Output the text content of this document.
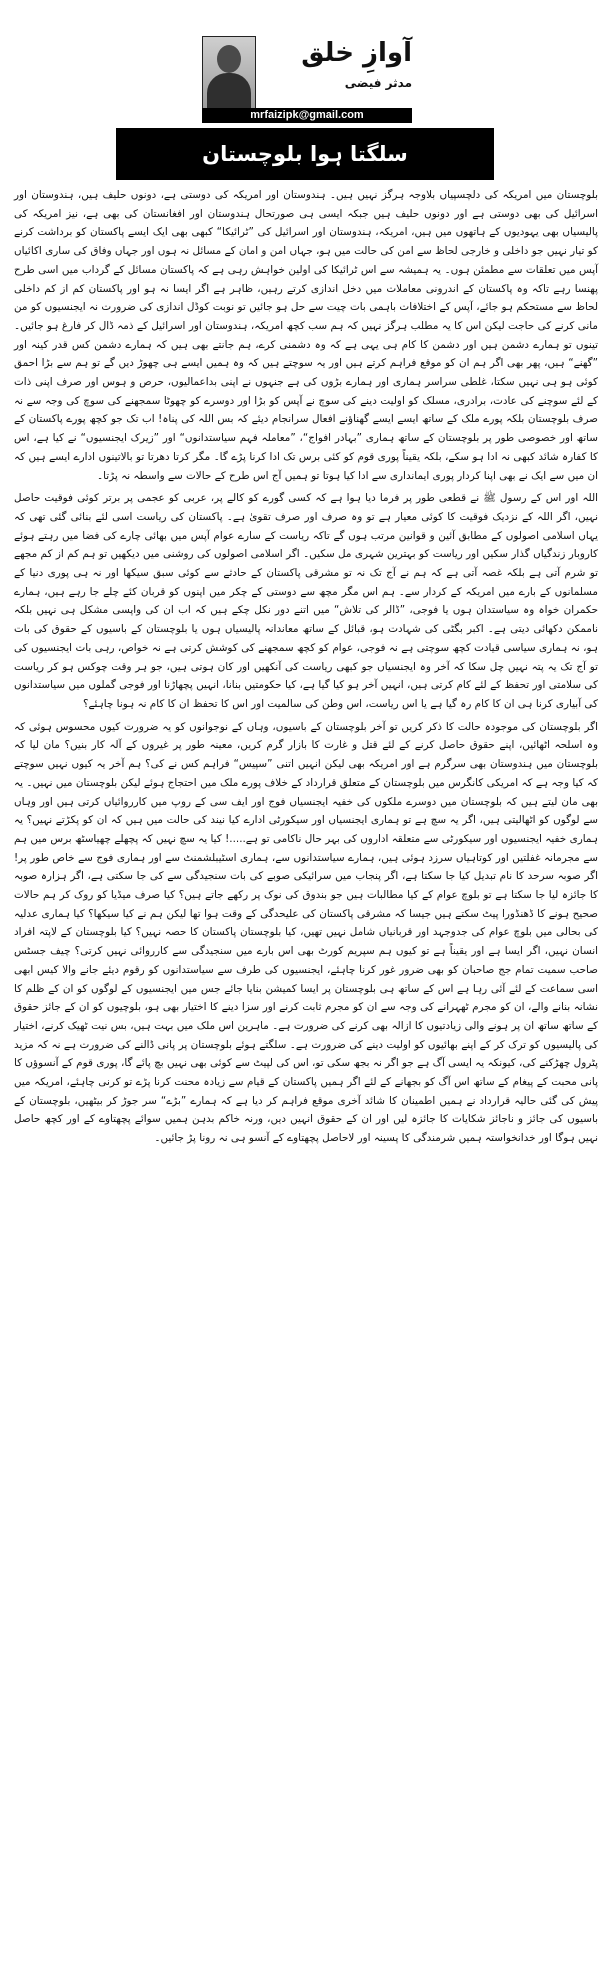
آوازِ خلق
مدثر فیضی
mrfaizipk@gmail.com
سلگتا ہوا بلوچستان

بلوچستان میں امریکہ کی دلچسپیاں بلاوجہ ہرگز نہیں ہیں۔ ہندوستان اور امریکہ کی دوستی ہے، دونوں حلیف ہیں، ہندوستان اور اسرائیل کی بھی دوستی ہے اور دونوں حلیف ہیں جبکہ ایسی ہی صورتحال ہندوستان اور افغانستان کی بھی ہے، نیز امریکہ کی پالیسیاں بھی یہودیوں کے ہاتھوں میں ہیں، امریکہ، ہندوستان اور اسرائیل کی ”ٹرائیکا“ کبھی بھی ایک ایسے پاکستان کو برداشت کرنے کو تیار نہیں جو داخلی و خارجی لحاظ سے امن کی حالت میں ہو، جہاں امن و امان کے مسائل نہ ہوں اور جہاں وفاق کی ساری اکائیاں آپس میں تعلقات سے مطمئن ہوں۔ یہ ہمیشہ سے اس ٹرائیکا کی اولین خواہش رہی ہے کہ پاکستان مسائل کے گرداب میں اسی طرح پھنسا رہے تاکہ وہ پاکستان کے اندرونی معاملات میں دخل اندازی کرتے رہیں، ظاہر ہے اگر ایسا نہ ہو اور پاکستان کم از کم داخلی لحاظ سے مستحکم ہو جائے، آپس کے اختلافات باہمی بات چیت سے حل ہو جائیں تو نوبت کوڈل اندازی کی ضرورت نہ ایجنسیوں کو من مانی کرنے کی حاجت لیکن اس کا یہ مطلب ہرگز نہیں کہ ہم سب کچھ امریکہ، ہندوستان اور اسرائیل کے ذمہ ڈال کر فارغ ہو جائیں۔ تینوں تو ہمارے دشمن ہیں اور دشمن کا کام ہی یہی ہے کہ وہ دشمنی کرے، ہم جانتے بھی ہیں کہ ہمارے دشمن کس قدر کینہ اور ”گھنے“ ہیں، پھر بھی اگر ہم ان کو موقع فراہم کرتے ہیں اور یہ سوچتے ہیں کہ وہ ہمیں ایسے ہی چھوڑ دیں گے تو ہم سے بڑا احمق کوئی ہو ہی نہیں سکتا، غلطی سراسر ہماری اور ہمارے بڑوں کی ہے جنہوں نے اپنی بداعمالیوں، حرص و ہوس اور صرف اپنی ذات کے لئے سوچنے کی عادت، برادری، مسلک کو اولیت دینے کی سوچ نے آپس کو بڑا اور دوسرے کو چھوٹا سمجھنے کی سوچ کی وجہ سے نہ صرف بلوچستان بلکہ پورے ملک کے ساتھ ایسے ایسے گھناؤنے افعال سرانجام دیئے کہ بس اللہ کی پناہ! اب تک جو کچھ پورے پاکستان کے ساتھ اور خصوصی طور پر بلوچستان کے ساتھ ہماری ”بہادر افواج“، ”معاملہ فہم سیاستدانوں“ اور ”زیرک ایجنسیوں“ نے کیا ہے، اس کا کفارہ شائد کبھی نہ ادا ہو سکے، بلکہ یقیناً پوری قوم کو کئی برس تک ادا کرنا پڑے گا۔ مگر کرتا دھرتا تو بالاتینوں ادارے ایسے ہیں کہ ان میں سے ایک نے بھی اپنا کردار پوری ایمانداری سے ادا کیا ہوتا تو ہمیں آج اس طرح کے حالات سے واسطہ نہ پڑتا۔

اللہ اور اس کے رسول ﷺ نے قطعی طور پر فرما دیا ہوا ہے کہ کسی گورے کو کالے پر، عربی کو عجمی پر برتر کوئی فوقیت حاصل نہیں، اگر اللہ کے نزدیک فوقیت کا کوئی معیار ہے تو وہ صرف اور صرف تقویٰ ہے۔ پاکستان کی ریاست اسی لئے بنائی گئی تھی کہ یہاں اسلامی اصولوں کے مطابق آئین و قوانین مرتب ہوں گے تاکہ ریاست کے سارے عوام آپس میں بھائی چارے کی فضا میں رہتے ہوئے کاروبار زندگیاں گذار سکیں اور ریاست کو بہترین شہری مل سکیں۔ اگر اسلامی اصولوں کی روشنی میں دیکھیں تو ہم کم از کم مجھے تو شرم آتی ہے بلکہ غصہ آتی ہے کہ ہم نے آج تک نہ تو مشرقی پاکستان کے حادثے سے کوئی سبق سیکھا اور نہ ہی پوری دنیا کے مسلمانوں کے بارے میں امریکہ کے کردار سے۔ ہم اس مگر مچھ سے دوستی کے چکر میں اپنوں کو قربان کئے چلے جا رہے ہیں، ہمارے حکمران خواہ وہ سیاستدان ہوں یا فوجی، ”ڈالر کی تلاش“ میں اتنے دور نکل چکے ہیں کہ اب ان کی واپسی مشکل ہی نہیں بلکہ ناممکن دکھائی دیتی ہے۔ اکبر بگٹی کی شہادت ہو، قبائل کے ساتھ معاندانہ پالیسیاں ہوں یا بلوچستان کے باسیوں کے حقوق کی بات ہو، نہ ہماری سیاسی قیادت کچھ سوچتی ہے نہ فوجی، عوام کو کچھ سمجھنے کی کوشش کرتی ہے نہ خواص، رہی بات ایجنسیوں کی تو آج تک یہ پتہ نہیں چل سکا کہ آخر وہ ایجنسیاں جو کبھی ریاست کی آنکھیں اور کان ہوتی ہیں، جو ہر وقت چوکس ہو کر ریاست کی سلامتی اور تحفظ کے لئے کام کرتی ہیں، انہیں آخر ہو کیا گیا ہے، کیا حکومتیں بنانا، انہیں پچھاڑنا اور فوجی گملوں میں سیاستدانوں کی آبیاری کرنا ہی ان کا کام رہ گیا ہے یا اس ریاست، اس وطن کی سالمیت اور اس کا تحفظ ان کا کام نہ ہونا چاہئے؟

اگر بلوچستان کی موجودہ حالت کا ذکر کریں تو آخر بلوچستان کے باسیوں، وہاں کے نوجوانوں کو یہ ضرورت کیوں محسوس ہوئی کہ وہ اسلحہ اٹھائیں، اپنے حقوق حاصل کرنے کے لئے قتل و غارت کا بازار گرم کریں، معینہ طور پر غیروں کے آلہ کار بنیں؟ مان لیا کہ بلوچستان میں ہندوستان بھی سرگرم ہے اور امریکہ بھی لیکن انہیں اتنی ”سپیس“ فراہم کس نے کی؟ ہم آخر یہ کیوں نہیں سوچتے کہ کیا وجہ ہے کہ امریکی کانگرس میں بلوچستان کے متعلق قرارداد کے خلاف پورے ملک میں احتجاج ہوئے لیکن بلوچستان میں نہیں۔ یہ بھی مان لیتے ہیں کہ بلوچستان میں دوسرے ملکوں کی خفیہ ایجنسیاں فوج اور ایف سی کے روپ میں کارروائیاں کرتی ہیں اور وہاں سے لوگوں کو اٹھالیتی ہیں، اگر یہ سچ ہے تو ہماری ایجنسیاں اور سیکورٹی ادارے کیا نیند کی حالت میں ہیں کہ ان کو پکڑتے نہیں؟ یہ ہماری خفیہ ایجنسیوں اور سیکورٹی سے متعلقہ اداروں کی بہر حال ناکامی تو ہے.....! کیا یہ سچ نہیں کہ پچھلے چھیاسٹھ برس میں ہم سے مجرمانہ غفلتیں اور کوتاہیاں سرزد ہوئی ہیں، ہمارے سیاستدانوں سے، ہماری اسٹیبلشمنٹ سے اور ہماری فوج سے خاص طور پر! اگر صوبہ سرحد کا نام تبدیل کیا جا سکتا ہے، اگر پنجاب میں سرائیکی صوبے کی بات سنجیدگی سے کی جا سکتی ہے، اگر ہزارہ صوبہ کا جائزہ لیا جا سکتا ہے تو بلوچ عوام کے کیا مطالبات ہیں جو بندوق کی نوک پر رکھے جاتے ہیں؟ کیا صرف میڈیا کو روک کر ہم حالات صحیح ہونے کا ڈھنڈورا پیٹ سکتے ہیں جیسا کہ مشرقی پاکستان کی علیحدگی کے وقت ہوا تھا لیکن ہم نے کیا سیکھا؟ کیا ہماری عدلیہ کی بحالی میں بلوچ عوام کی جدوجہد اور قربانیاں شامل نہیں تھیں، کیا بلوچستان پاکستان کا حصہ نہیں؟ کیا بلوچستان کے لاپتہ افراد انسان نہیں، اگر ایسا ہے اور یقیناً ہے تو کیوں ہم سپریم کورٹ بھی اس بارے میں سنجیدگی سے کارروائی نہیں کرتی؟ چیف جسٹس صاحب سمیت تمام جج صاحبان کو بھی ضرور غور کرنا چاہئے، ایجنسیوں کی طرف سے سیاستدانوں کو رقوم دیئے جانے والا کیس ابھی اسی سماعت کے لئے آئی رہا ہے اس کے ساتھ ہی بلوچستان پر ایسا کمیشن بنایا جائے جس میں ایجنسیوں کے لوگوں کو ان کے ظلم کا نشانہ بنانے والے، ان کو مجرم ٹھہرانے کی وجہ سے ان کو مجرم ثابت کرنے اور سزا دینے کا اختیار بھی ہو، بلوچیوں کو ان کے جائز حقوق کے ساتھ ساتھ ان پر ہونے والی زیادتیوں کا ازالہ بھی کرنے کی ضرورت ہے۔ ماہرین اس ملک میں بہت ہیں، بس نیت ٹھیک کرنے، اختیار کی پالیسیوں کو ترک کر کے اپنے بھائیوں کو اولیت دینے کی ضرورت ہے۔ سلگتے ہوئے بلوچستان پر پانی ڈالنے کی ضرورت ہے نہ کہ مزید پٹرول چھڑکنے کی، کیونکہ یہ ایسی آگ ہے جو اگر نہ بجھ سکی تو، اس کی لپیٹ سے کوئی بھی نہیں بچ پائے گا، پوری قوم کے آنسوؤں کا پانی محبت کے پیغام کے ساتھ اس آگ کو بجھانے کے لئے اگر ہمیں پاکستان کے قیام سے زیادہ محنت کرنا پڑے تو کرنی چاہئے، امریکہ میں پیش کی گئی حالیہ قرارداد نے ہمیں اطمینان کا شائد آخری موقع فراہم کر دیا ہے کہ ہمارے ”بڑے“ سر جوڑ کر بیٹھیں، بلوچستان کے باسیوں کی جائز و ناجائز شکایات کا جائزہ لیں اور ان کے حقوق انہیں دیں، ورنہ خاکم بدہن ہمیں سوائے پچھتاوے کے اور کچھ حاصل نہیں ہوگا اور خدانخواستہ ہمیں شرمندگی کا پسینہ اور لاحاصل پچھتاوے کے آنسو ہی نہ رونا پڑ جائیں۔
